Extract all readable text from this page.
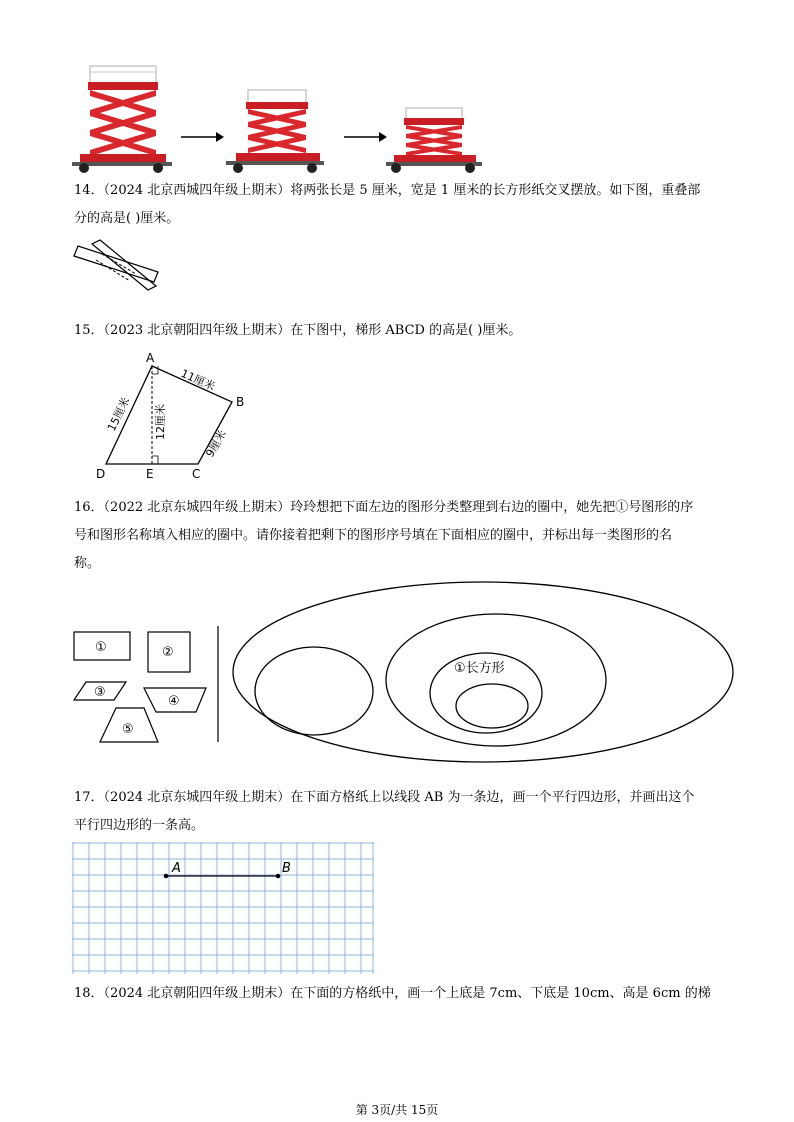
14．（2024 北京西城四年级上期末）将两张长是 5 厘米，宽是 1 厘米的长方形纸交叉摆放。如下图，重叠部
分的高是( )厘米。
15．（2023 北京朝阳四年级上期末）在下图中，梯形 ABCD 的高是( )厘米。
A
B
C
D	E
11厘米
15厘米 12厘米
9厘米
16．（2022 北京东城四年级上期末）玲玲想把下面左边的图形分类整理到右边的圈中，她先把①号图形的序
号和图形名称填入相应的圈中。请你接着把剩下的图形序号填在下面相应的圈中，并标出每一类图形的名
称。
①	②
③
④
⑤
①长方形
17．（2024 北京东城四年级上期末）在下面方格纸上以线段 AB 为一条边，画一个平行四边形，并画出这个
平行四边形的一条高。
A	B
18．（2024 北京朝阳四年级上期末）在下面的方格纸中，画一个上底是 7cm、下底是 10cm、高是 6cm 的梯
第 3页/共 15页
